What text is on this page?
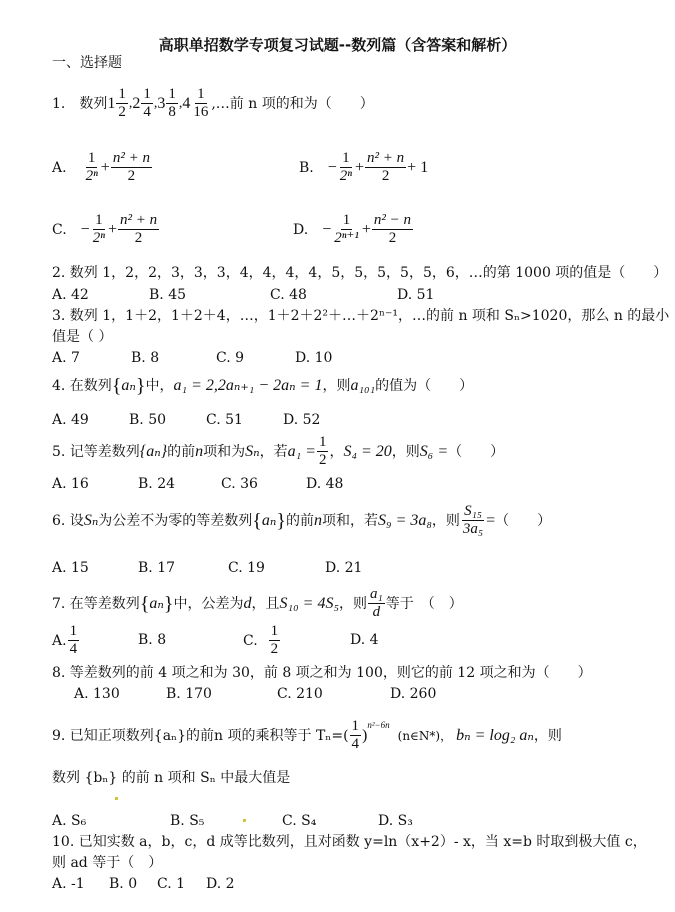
高职单招数学专项复习试题--数列篇（含答案和解析）
一、选择题
1.　数列 $1 \frac{1}{2}$ , $2 \frac{1}{4}$ , $3 \frac{1}{8}$ , $4 \frac{1}{16}$ ,…前 n 项的和为（　　）
A. $\frac{1}{\text{2ⁿ}} + \frac{\text{n² + n}}{2}$	B. − $\frac{1}{\text{2ⁿ}} + \frac{\text{n² + n}}{2} + 1$
C. − $\frac{1}{\text{2ⁿ}} + \frac{\text{n² + n}}{2}$	D. − $\frac{1}{\text{2ⁿ⁺¹}} + \frac{\text{n² − n}}{2}$
2. 数列 1，2，2，3，3，3，4，4，4，4，5，5，5，5，5，6，…的第 1000 项的值是（　　）
A. 42	B. 45	C. 48	D. 51
3. 数列 1，1＋2，1＋2＋4，…，1＋2＋2²＋…＋2ⁿ⁻¹，…的前 n 项和 Sₙ>1020，那么 n 的最小
值是（ ）
A. 7	B. 8	C. 9	D. 10
4. 在数列 { aₙ } 中， a₁ = 2,2aₙ₊₁ − 2aₙ = 1 ，则 a₁₀₁ 的值为（　　）
A. 49	B. 50	C. 51	D. 52
5. 记等差数列 {aₙ} 的前 n 项和为 Sₙ ，若 $a_1 = \frac{1}{2}$ ， S₄ = 20 ，则 S₆ = （　　）
A. 16	B. 24	C. 36	D. 48
6. 设 Sₙ 为公差不为零的等差数列 { aₙ } 的前 n 项和，若 S₉ = 3a₈ ，则 $\frac{\text{S₁₅}}{\text{3a₅}}$ = （　　）
A. 15	B. 17	C. 19	D. 21
7. 在等差数列 { aₙ } 中，公差为 d ，且 S₁₀ = 4S₅ ，则 $\frac{\text{a₁}}{d}$ 等于　（　）
A. $\frac{1}{4}$	B. 8	C. $\frac{1}{2}$	D. 4
8. 等差数列的前 4 项之和为 30，前 8 项之和为 100，则它的前 12 项之和为（　　）
A. 130	B. 170	C. 210	D. 260
9. 已知正项数列{aₙ}的前n 项的乘积等于 $T_n=( \frac{1}{4}$ )
n²−6n
(n∈N*)， bₙ = log₂ aₙ ，则
数列 {bₙ} 的前 n 项和 Sₙ 中最大值是
A. S₆	B. S₅	C. S₄	D. S₃
10. 已知实数 a，b，c，d 成等比数列，且对函数 y=ln（x+2）- x，当 x=b 时取到极大值 c，
则 ad 等于（　）
A. -1 B. 0 C. 1 D. 2
